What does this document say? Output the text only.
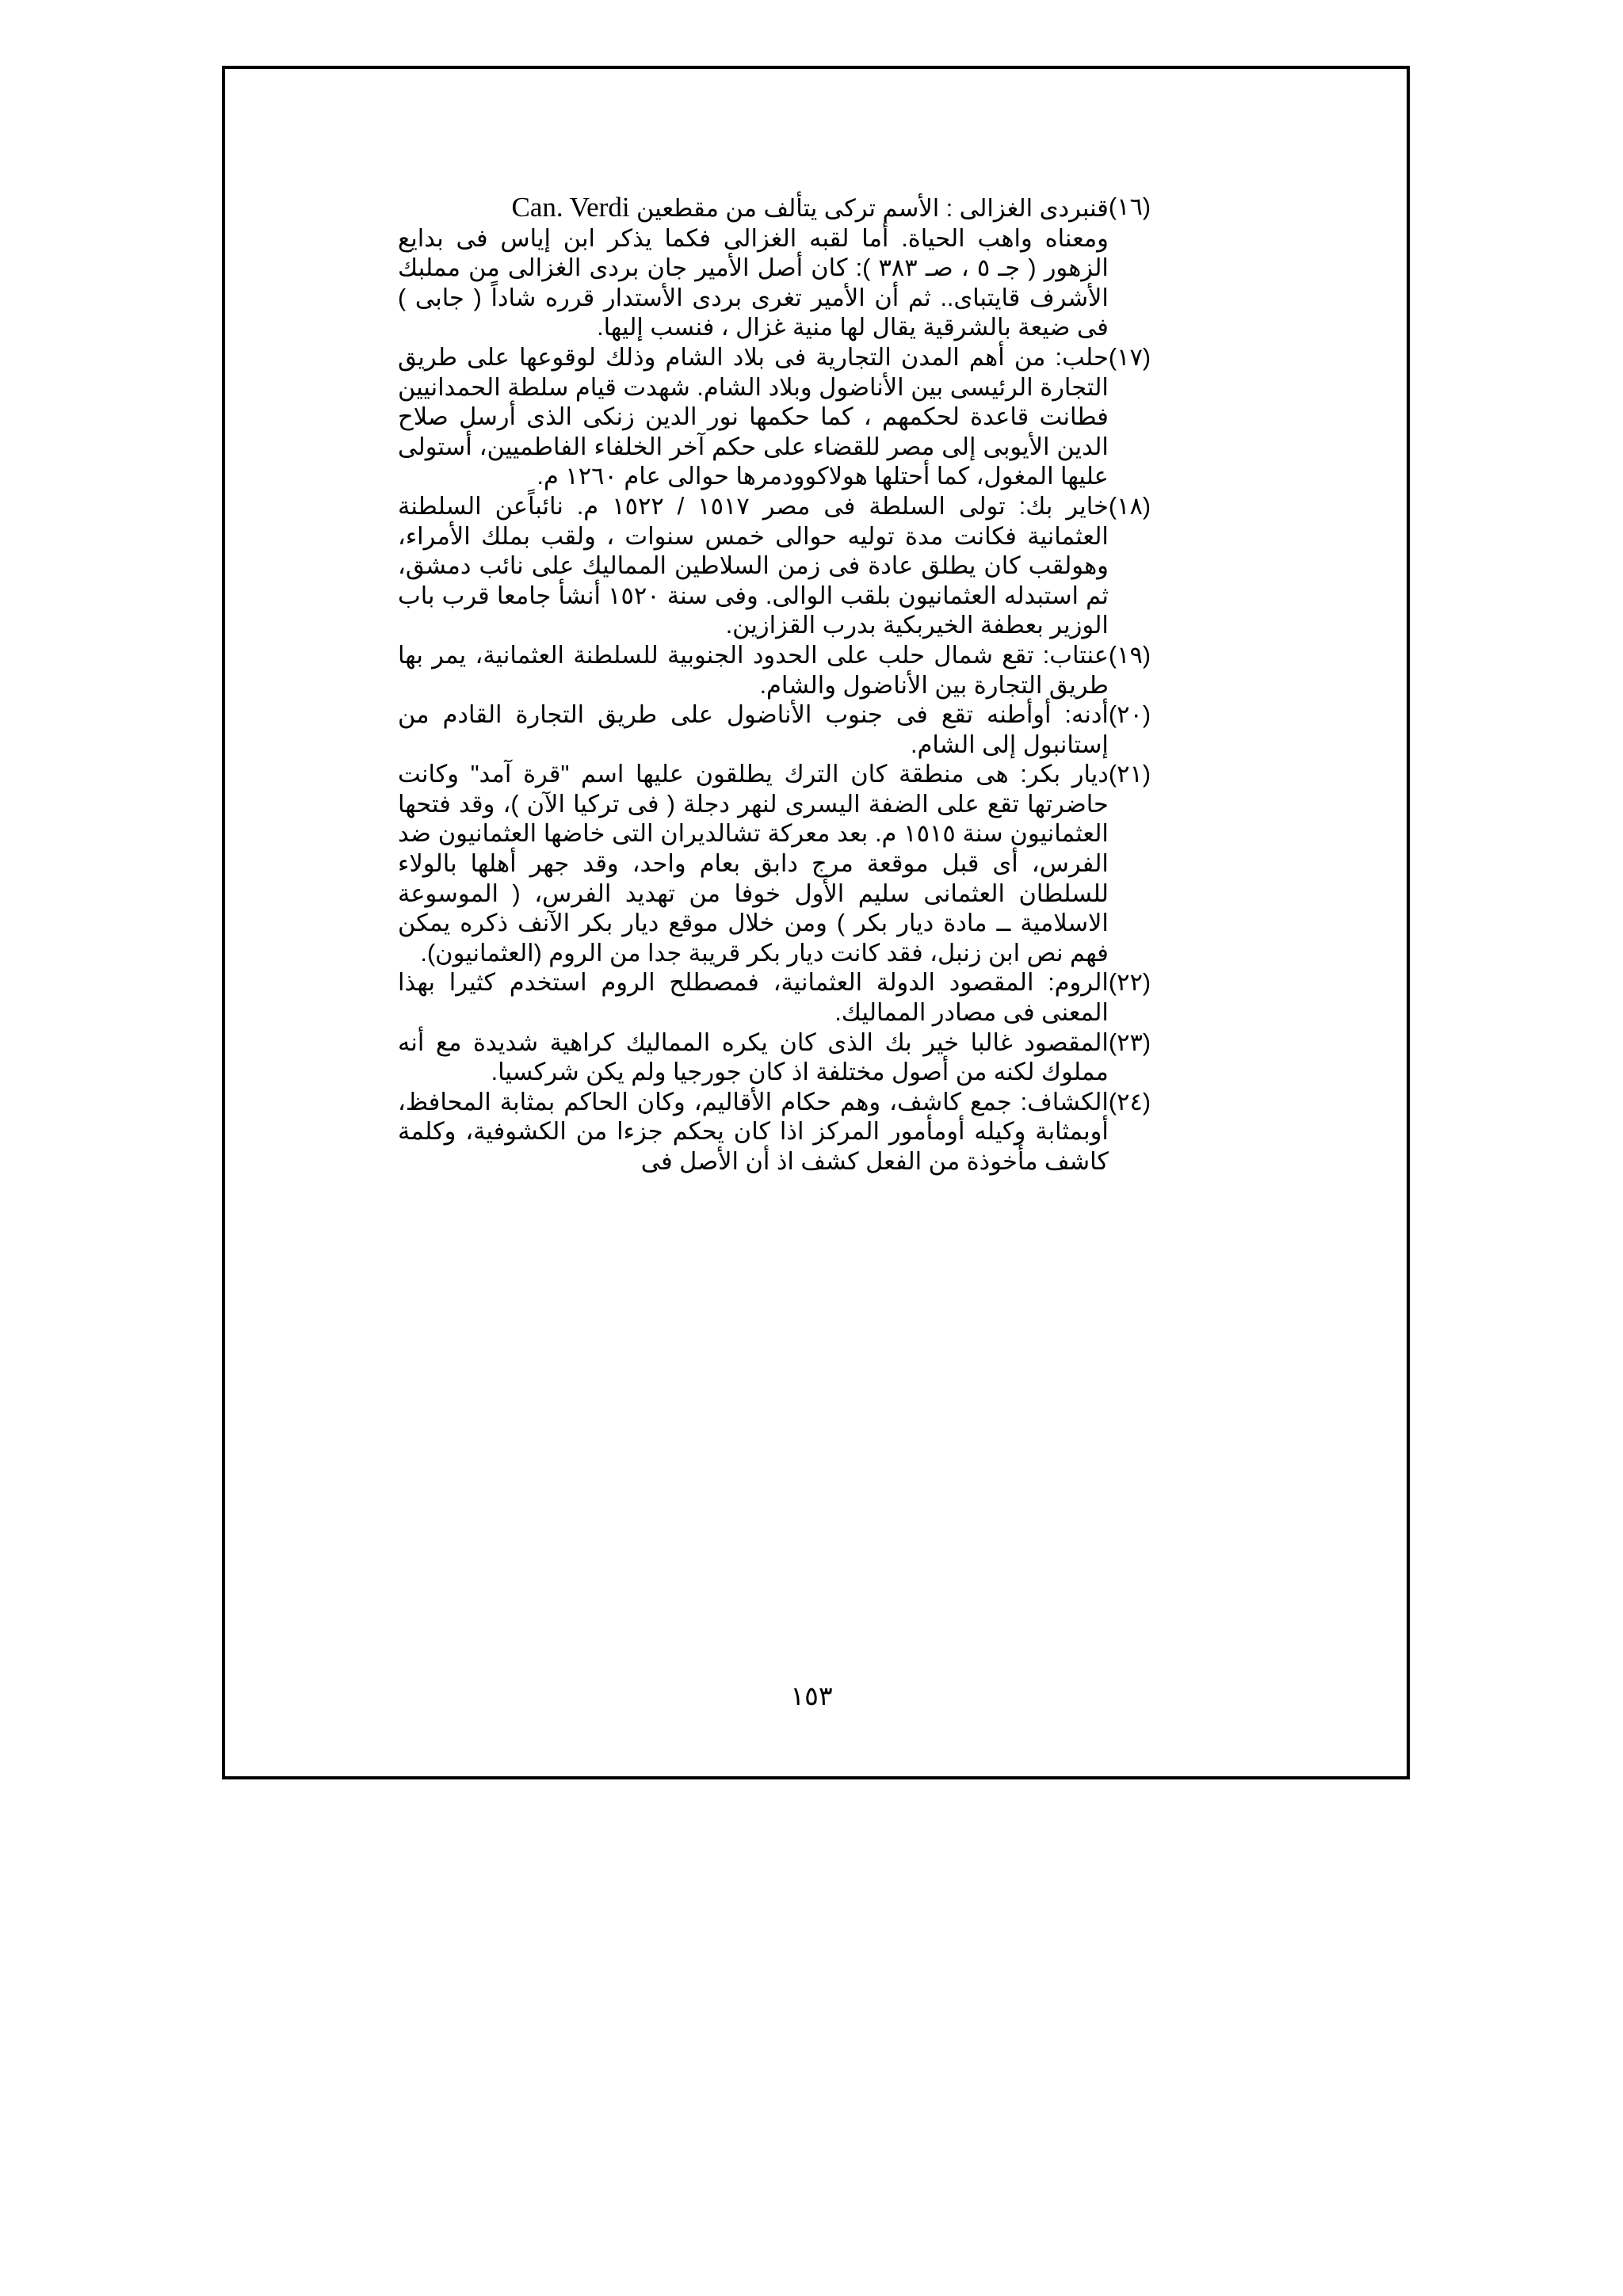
(١٦)
قنبردى الغزالى : الأسم تركى يتألف من مقطعين Can. Verdi
ومعناه واهب الحياة. أما لقبه الغزالى فكما يذكر ابن إياس فى بدايع الزهور ( جـ ٥ ، صـ ٣٨٣ ): كان أصل الأمير جان بردى الغزالى من مملبك الأشرف قايتباى.. ثم أن الأمير تغرى بردى الأستدار قرره شاداً ( جابى ) فى ضيعة بالشرقية يقال لها منية غزال ، فنسب إليها.
(١٧)
حلب: من أهم المدن التجارية فى بلاد الشام وذلك لوقوعها على طريق التجارة الرئيسى بين الأناضول وبلاد الشام. شهدت قيام سلطة الحمدانيين فطانت قاعدة لحكمهم ، كما حكمها نور الدين زنكى الذى أرسل صلاح الدين الأيوبى إلى مصر للقضاء على حكم آخر الخلفاء الفاطميين، أستولى عليها المغول، كما أحتلها هولاكوودمرها حوالى عام ١٢٦٠ م.
(١٨)
خاير بك: تولى السلطة فى مصر ١٥١٧ / ١٥٢٢ م. نائباًعن السلطنة العثمانية فكانت مدة توليه حوالى خمس سنوات ، ولقب بملك الأمراء، وهولقب كان يطلق عادة فى زمن السلاطين المماليك على نائب دمشق، ثم استبدله العثمانيون بلقب الوالى. وفى سنة ١٥٢٠ أنشأ جامعا قرب باب الوزير بعطفة الخيربكية بدرب القزازين.
(١٩)
عنتاب: تقع شمال حلب على الحدود الجنوبية للسلطنة العثمانية، يمر بها طريق التجارة بين الأناضول والشام.
(٢٠)
أدنه: أوأطنه تقع فى جنوب الأناضول على طريق التجارة القادم من إستانبول إلى الشام.
(٢١)
ديار بكر: هى منطقة كان الترك يطلقون عليها اسم "قرة آمد" وكانت حاضرتها تقع على الضفة اليسرى لنهر دجلة ( فى تركيا الآن )، وقد فتحها العثمانيون سنة ١٥١٥ م. بعد معركة تشالديران التى خاضها العثمانيون ضد الفرس، أى قبل موقعة مرج دابق بعام واحد، وقد جهر أهلها بالولاء للسلطان العثمانى سليم الأول خوفا من تهديد الفرس، ( الموسوعة الاسلامية ــ مادة ديار بكر ) ومن خلال موقع ديار بكر الآنف ذكره يمكن فهم نص ابن زنبل، فقد كانت ديار بكر قريبة جدا من الروم (العثمانيون).
(٢٢)
الروم: المقصود الدولة العثمانية، فمصطلح الروم استخدم كثيرا بهذا المعنى فى مصادر المماليك.
(٢٣)
المقصود غالبا خير بك الذى كان يكره المماليك كراهية شديدة مع أنه مملوك لكنه من أصول مختلفة اذ كان جورجيا ولم يكن شركسيا.
(٢٤)
الكشاف: جمع كاشف، وهم حكام الأقاليم، وكان الحاكم بمثابة المحافظ، أوبمثابة وكيله أومأمور المركز اذا كان يحكم جزءا من الكشوفية، وكلمة كاشف مأخوذة من الفعل كشف اذ أن الأصل فى
١٥٣
